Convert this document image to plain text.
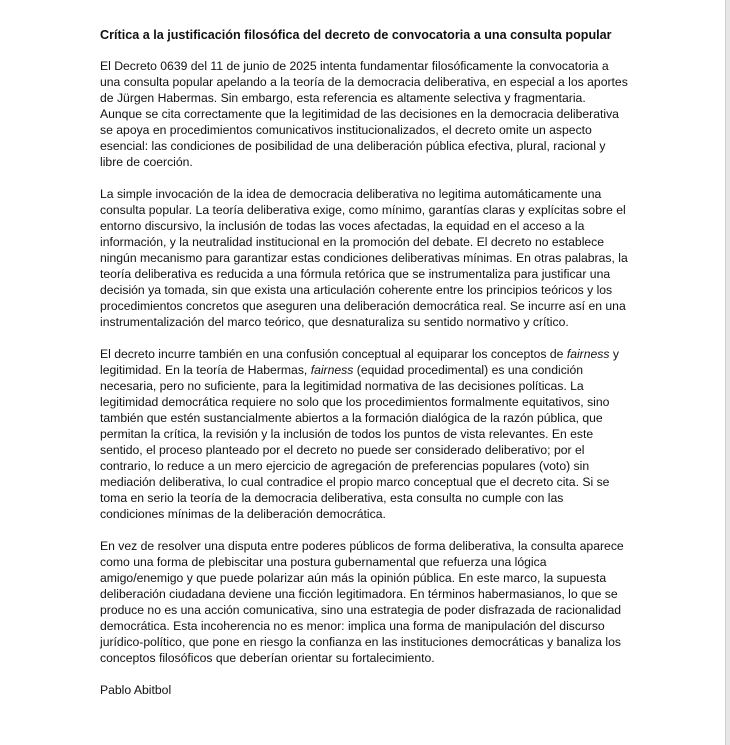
Crítica a la justificación filosófica del decreto de convocatoria a una consulta popular

El Decreto 0639 del 11 de junio de 2025 intenta fundamentar filosóficamente la convocatoria a una consulta popular apelando a la teoría de la democracia deliberativa, en especial a los aportes de Jürgen Habermas. Sin embargo, esta referencia es altamente selectiva y fragmentaria. Aunque se cita correctamente que la legitimidad de las decisiones en la democracia deliberativa se apoya en procedimientos comunicativos institucionalizados, el decreto omite un aspecto esencial: las condiciones de posibilidad de una deliberación pública efectiva, plural, racional y libre de coerción.

La simple invocación de la idea de democracia deliberativa no legitima automáticamente una consulta popular. La teoría deliberativa exige, como mínimo, garantías claras y explícitas sobre el entorno discursivo, la inclusión de todas las voces afectadas, la equidad en el acceso a la información, y la neutralidad institucional en la promoción del debate. El decreto no establece ningún mecanismo para garantizar estas condiciones deliberativas mínimas. En otras palabras, la teoría deliberativa es reducida a una fórmula retórica que se instrumentaliza para justificar una decisión ya tomada, sin que exista una articulación coherente entre los principios teóricos y los procedimientos concretos que aseguren una deliberación democrática real. Se incurre así en una instrumentalización del marco teórico, que desnaturaliza su sentido normativo y crítico.

El decreto incurre también en una confusión conceptual al equiparar los conceptos de fairness y legitimidad. En la teoría de Habermas, fairness (equidad procedimental) es una condición necesaria, pero no suficiente, para la legitimidad normativa de las decisiones políticas. La legitimidad democrática requiere no solo que los procedimientos formalmente equitativos, sino también que estén sustancialmente abiertos a la formación dialógica de la razón pública, que permitan la crítica, la revisión y la inclusión de todos los puntos de vista relevantes. En este sentido, el proceso planteado por el decreto no puede ser considerado deliberativo; por el contrario, lo reduce a un mero ejercicio de agregación de preferencias populares (voto) sin mediación deliberativa, lo cual contradice el propio marco conceptual que el decreto cita. Si se toma en serio la teoría de la democracia deliberativa, esta consulta no cumple con las condiciones mínimas de la deliberación democrática.

En vez de resolver una disputa entre poderes públicos de forma deliberativa, la consulta aparece como una forma de plebiscitar una postura gubernamental que refuerza una lógica amigo/enemigo y que puede polarizar aún más la opinión pública. En este marco, la supuesta deliberación ciudadana deviene una ficción legitimadora. En términos habermasianos, lo que se produce no es una acción comunicativa, sino una estrategia de poder disfrazada de racionalidad democrática. Esta incoherencia no es menor: implica una forma de manipulación del discurso jurídico-político, que pone en riesgo la confianza en las instituciones democráticas y banaliza los conceptos filosóficos que deberían orientar su fortalecimiento.

Pablo Abitbol
